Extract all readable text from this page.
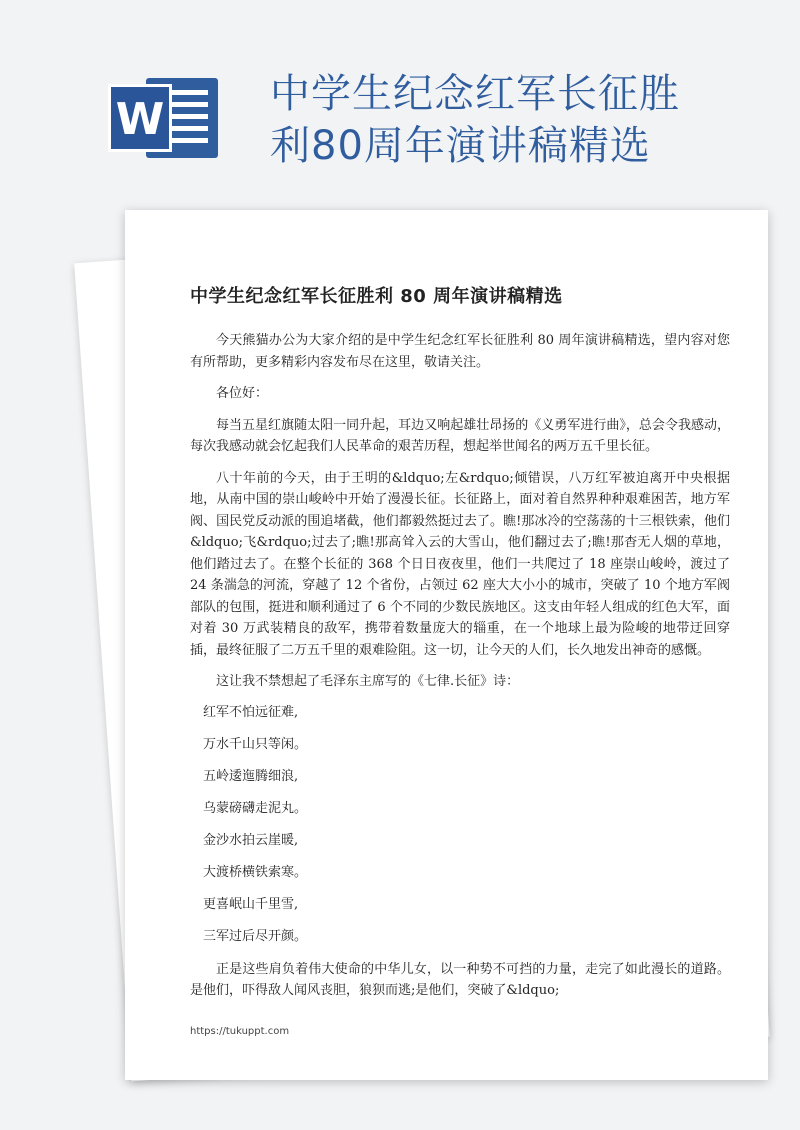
W	中学生纪念红军长征胜
利80周年演讲稿精选
中学生纪念红军长征胜利 80 周年演讲稿精选

今天熊猫办公为大家介绍的是中学生纪念红军长征胜利 80 周年演讲稿精选，望内容对您有所帮助，更多精彩内容发布尽在这里，敬请关注。

各位好：

每当五星红旗随太阳一同升起，耳边又响起雄壮昂扬的《义勇军进行曲》，总会令我感动，每次我感动就会忆起我们人民革命的艰苦历程，想起举世闻名的两万五千里长征。

八十年前的今天，由于王明的&ldquo;左&rdquo;倾错误，八万红军被迫离开中央根据地，从南中国的崇山峻岭中开始了漫漫长征。长征路上，面对着自然界种种艰难困苦，地方军阀、国民党反动派的围追堵截，他们都毅然挺过去了。瞧!那冰冷的空荡荡的十三根铁索，他们&ldquo;飞&rdquo;过去了;瞧!那高耸入云的大雪山，他们翻过去了;瞧!那杳无人烟的草地，他们踏过去了。在整个长征的 368 个日日夜夜里，他们一共爬过了 18 座崇山峻岭，渡过了 24 条湍急的河流，穿越了 12 个省份，占领过 62 座大大小小的城市，突破了 10 个地方军阀部队的包围，挺进和顺利通过了 6 个不同的少数民族地区。这支由年轻人组成的红色大军，面对着 30 万武装精良的敌军，携带着数量庞大的辎重，在一个地球上最为险峻的地带迂回穿插，最终征服了二万五千里的艰难险阻。这一切，让今天的人们，长久地发出神奇的感慨。

这让我不禁想起了毛泽东主席写的《七律.长征》诗：

红军不怕远征难,
万水千山只等闲。
五岭逶迤腾细浪,
乌蒙磅礴走泥丸。
金沙水拍云崖暖,
大渡桥横铁索寒。
更喜岷山千里雪,
三军过后尽开颜。

正是这些肩负着伟大使命的中华儿女，以一种势不可挡的力量，走完了如此漫长的道路。是他们，吓得敌人闻风丧胆，狼狈而逃;是他们，突破了&ldquo;

https://tukuppt.com
